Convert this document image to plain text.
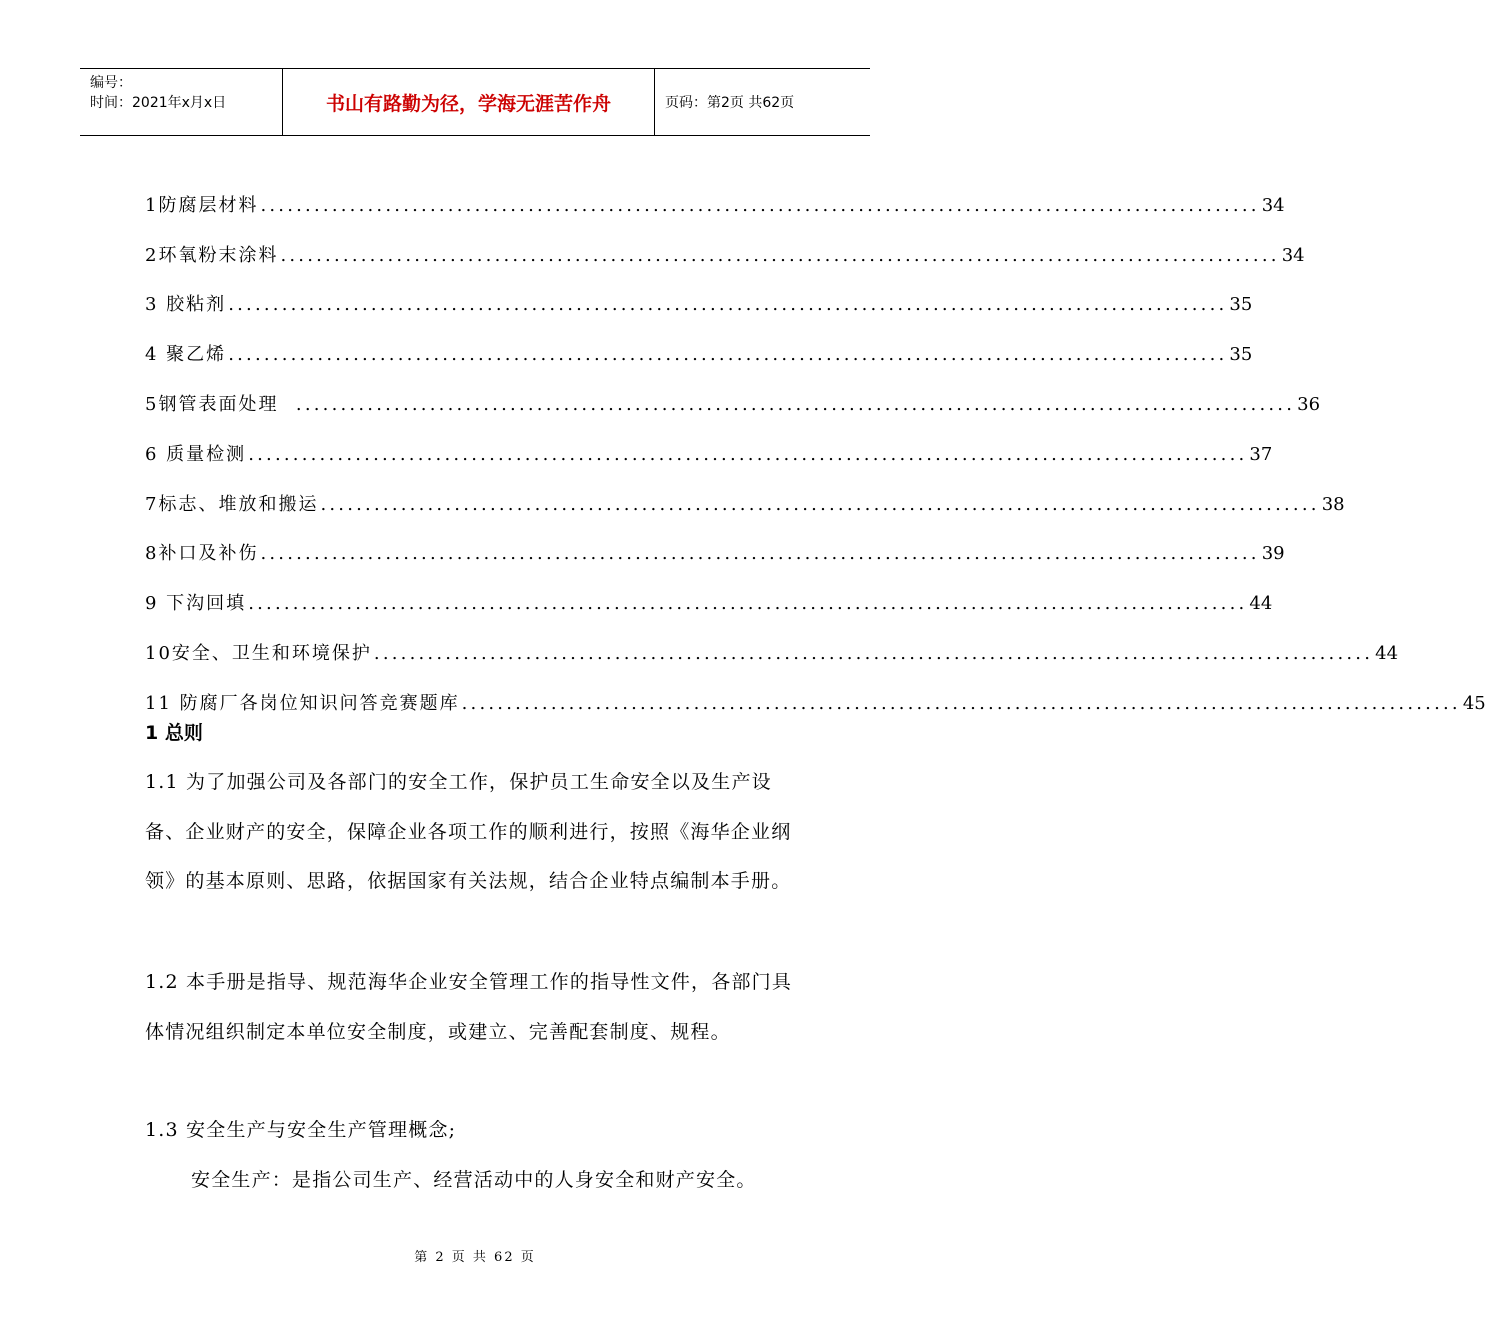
编号：
时间：2021年x月x日	书山有路勤为径，学海无涯苦作舟	页码：第2页 共62页
1防腐层材料 ................................................................................................................ 34
2环氧粉末涂料 ................................................................................................................ 34
3 胶粘剂 ................................................................................................................ 35
4 聚乙烯 ................................................................................................................ 35
5钢管表面处理 ................................................................................................................ 36
6 质量检测 ................................................................................................................ 37
7标志、堆放和搬运 ................................................................................................................ 38
8补口及补伤 ................................................................................................................ 39
9 下沟回填 ................................................................................................................ 44
10安全、卫生和环境保护 ................................................................................................................ 44
11 防腐厂各岗位知识问答竞赛题库 ................................................................................................................ 45
1 总则
1.1 为了加强公司及各部门的安全工作，保护员工生命安全以及生产设备、企业财产的安全，保障企业各项工作的顺利进行，按照《海华企业纲领》的基本原则、思路，依据国家有关法规，结合企业特点编制本手册。
1.2 本手册是指导、规范海华企业安全管理工作的指导性文件，各部门具体情况组织制定本单位安全制度，或建立、完善配套制度、规程。
1.3 安全生产与安全生产管理概念;
安全生产：是指公司生产、经营活动中的人身安全和财产安全。
第 2 页 共 62 页
